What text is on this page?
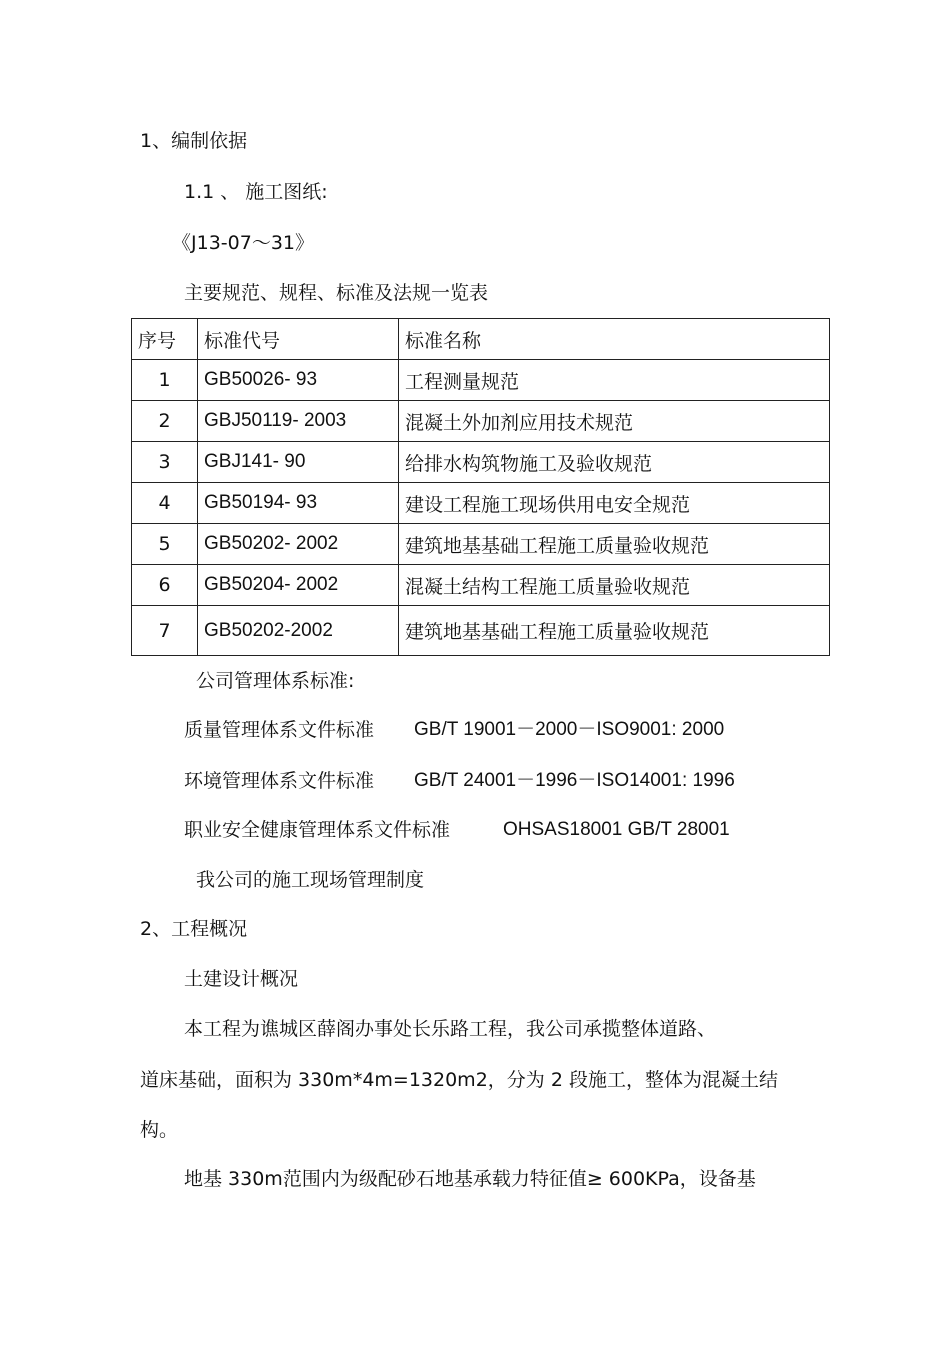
1、编制依据
1.1 、 施工图纸:
《J13-07～31》
主要规范、规程、标准及法规一览表
序号	标准代号	标准名称
1	GB50026- 93	工程测量规范
2	GBJ50119- 2003	混凝土外加剂应用技术规范
3	GBJ141- 90	给排水构筑物施工及验收规范
4	GB50194- 93	建设工程施工现场供用电安全规范
5	GB50202- 2002	建筑地基基础工程施工质量验收规范
6	GB50204- 2002	混凝土结构工程施工质量验收规范
7	GB50202-2002	建筑地基基础工程施工质量验收规范
公司管理体系标准:
质量管理体系文件标准 GB/T 19001－2000－ISO9001: 2000
环境管理体系文件标准 GB/T 24001－1996－ISO14001: 1996
职业安全健康管理体系文件标准	OHSAS18001 GB/T 28001
我公司的施工现场管理制度
2、工程概况
土建设计概况
本工程为谯城区薛阁办事处长乐路工程，我公司承揽整体道路、
道床基础，面积为 330m*4m=1320m2，分为 2 段施工，整体为混凝土结
构。
地基 330m范围内为级配砂石地基承载力特征值≥ 600KPa，设备基
